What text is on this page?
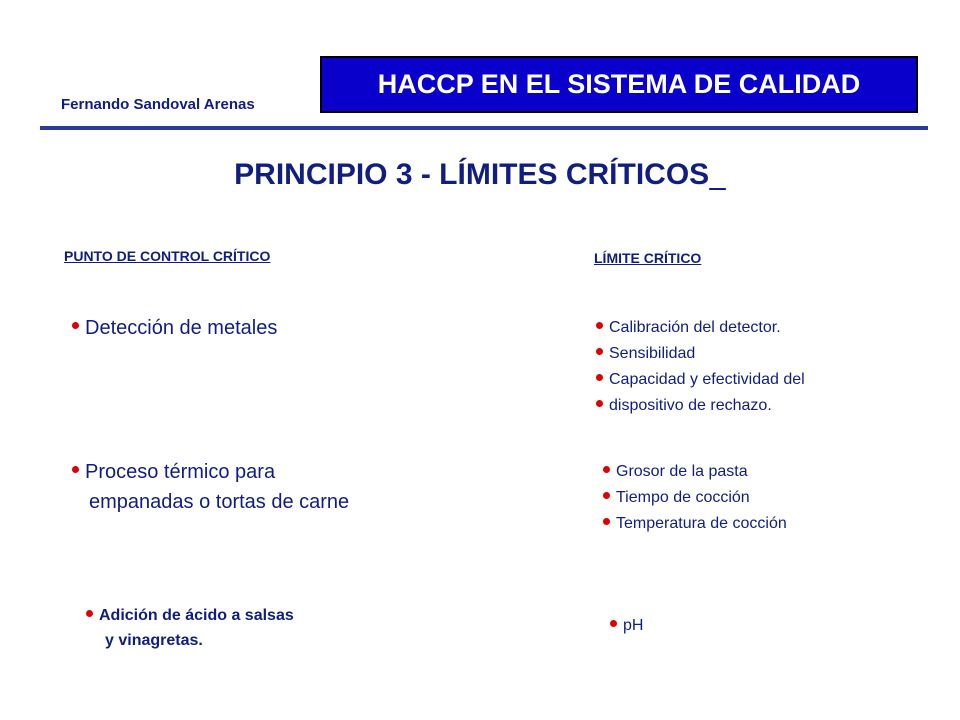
Fernando Sandoval Arenas
HACCP EN EL SISTEMA DE CALIDAD
PRINCIPIO 3 - LÍMITES CRÍTICOS
PUNTO DE CONTROL CRÍTICO	LÍMITE CRÍTICO
Detección de metales
Proceso térmico para
empanadas o tortas de carne
Adición de ácido a salsas
y vinagretas.
Calibración del detector.
Sensibilidad
Capacidad y efectividad del
dispositivo de rechazo.
Grosor de la pasta
Tiempo de cocción
Temperatura de cocción
pH
